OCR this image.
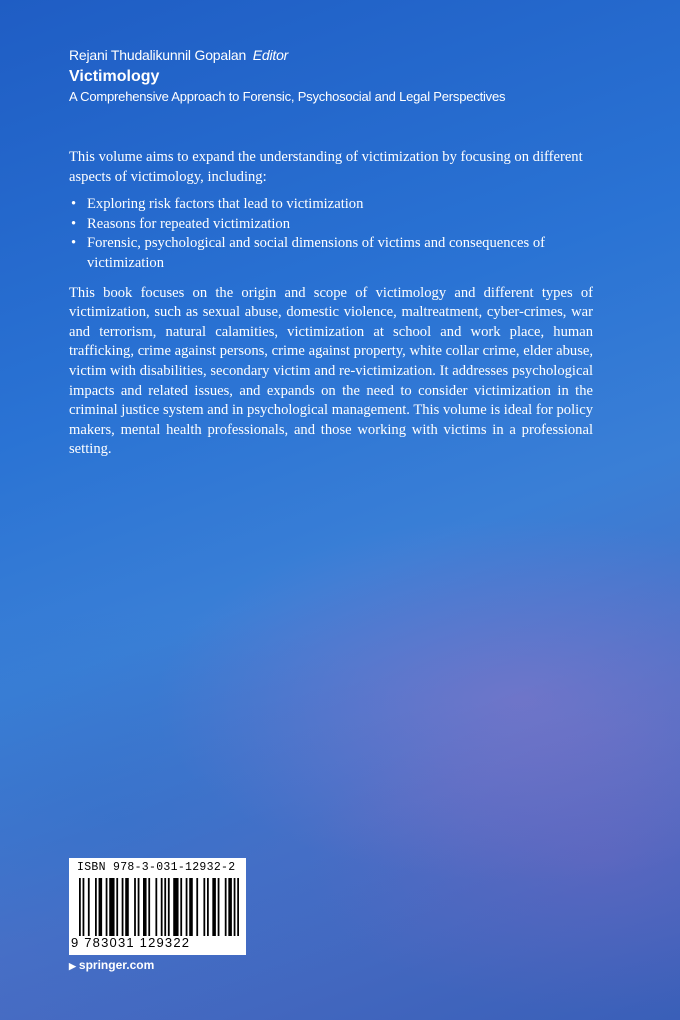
Rejani Thudalikunnil Gopalan Editor
Victimology
A Comprehensive Approach to Forensic, Psychosocial and Legal Perspectives

This volume aims to expand the understanding of victimization by focusing on different aspects of victimology, including:

• Exploring risk factors that lead to victimization
• Reasons for repeated victimization
• Forensic, psychological and social dimensions of victims and consequences of victimization

This book focuses on the origin and scope of victimology and different types of victimization, such as sexual abuse, domestic violence, maltreatment, cyber-crimes, war and terrorism, natural calamities, victimization at school and work place, human trafficking, crime against persons, crime against property, white collar crime, elder abuse, victim with disabilities, secondary victim and re-victimization. It addresses psychological impacts and related issues, and expands on the need to consider victimization in the criminal justice system and in psychological management. This volume is ideal for policy makers, mental health professionals, and those working with victims in a professional setting.

ISBN 978-3-031-12932-2
9 783031 129322
▶ springer.com
